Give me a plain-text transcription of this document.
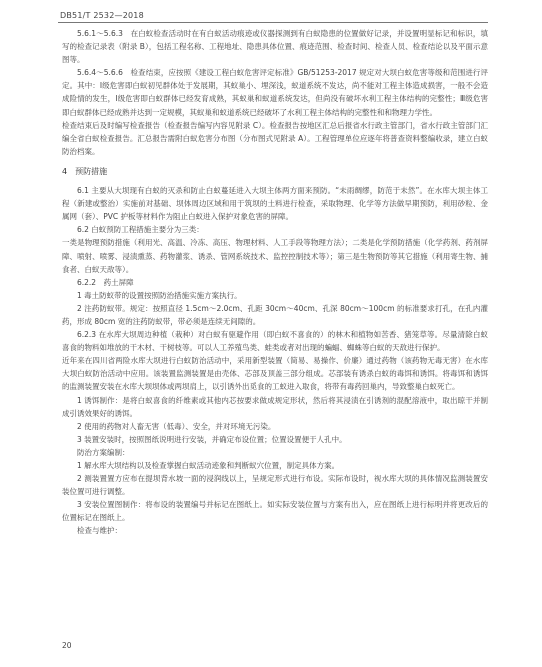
DB51/T 2532—2018

5.6.1～5.6.3　在白蚁检查活动时在有白蚁活动痕迹或仪器探测到有白蚁隐患的位置做好记录，并设置明显标记和标识，填写的检查记录表（附录 B），包括工程名称、工程地址、隐患具体位置、痕迹范围、检查时间、检查人员、检查结论以及平面示意图等。

5.6.4～5.6.6　检查结束，应按照《建设工程白蚁危害评定标准》GB/51253-2017 规定对大坝白蚁危害等级和范围进行评定。其中：Ⅰ级危害即白蚁初见群体处于发展期，其蚁巢小、埋深浅，蚁道系统不发达，尚不能对工程主体造成损害，一般不会造成险情的发生，Ⅰ级危害即白蚁群体已经发育成熟，其蚁巢和蚁道系统发达，但尚没有破坏水利工程主体结构的完整性；Ⅲ级危害即白蚁群体已经成熟并达到一定规模，其蚁巢和蚁道系统已经破坏了水利工程主体结构的完整性和和物理力学性。

检查结束后及时编写检查报告（检查报告编写内容见附录 C）。检查报告按地区汇总后报省水行政主管部门，省水行政主管部门汇编全省白蚁检查报告。汇总报告需附白蚁危害分布图（分布图式见附录 A）。工程管理单位应逐年将普查资料整编收录，建立白蚁防治档案。

4　预防措施

6.1 主要从大坝现有白蚁的灭杀和防止白蚁蔓延进入大坝主体两方面来预防。“未雨绸缪，防范于未然”。在水库大坝主体工程（新建或整治）实施前对基础、坝体周边区域和用于筑坝的土料进行检查，采取物理、化学等方法做早期预防，利用砂粒、金属网（套）、PVC 护板等材料作为阻止白蚁进入保护对象危害的屏障。

6.2 白蚁预防工程措施主要分为三类：

一类是物理预防措施（利用光、高温、冷冻、高压、物理材料、人工手段等物理方法）；二类是化学预防措施（化学药剂、药剂屏障、喷射、喷雾、浸渍熏蒸、药物灌浆、诱杀、管网系统技术、监控控制技术等）；第三是生物预防等其它措施（利用寄生物、捕食者、白蚁天敌等）。

6.2.2　药土屏障

1 毒土防蚁带的设置按照防治措施实施方案执行。

2 注药防蚁带。规定：按照直径 1.5cm～2.0cm、孔距 30cm～40cm、孔深 80cm～100cm 的标准要求打孔，在孔内灌药，形成 80cm 宽的注药防蚁带，带必须是连续无间隙的。

6.2.3 在水库大坝周边种植（栽种）对白蚁有驱避作用（即白蚁不喜食的）的林木和植物如苦香、猪笼草等。尽量清除白蚁喜食的物料如堆放的干木材、干树枝等。可以人工养殖鸟类、蛙类或者对出现的蝙蝠、蜘蛛等白蚁的天敌进行保护。

近年来在四川省两险水库大坝进行白蚁防治活动中，采用新型装置（简易、易操作、价廉）通过药物（该药物无毒无害）在水库大坝白蚁防治活动中应用。该装置监测装置是由壳体、芯部及顶盖三部分组成。芯部装有诱杀白蚁的毒饵和诱饵。将毒饵和诱饵的监测装置安装在水库大坝坝体或两坝肩上，以引诱外出觅食的工蚁进入取食，将带有毒药回巢内，导致整巢白蚁死亡。

1 诱饵制作：是将白蚁喜食的纤维素或其他内芯按要求做成规定形状，然后将其浸渍在引诱剂的混配溶液中，取出晾干并制成引诱效果好的诱饵。

2 使用的药物对人畜无害（低毒）、安全，并对环境无污染。

3 装置安装时，按照图纸说明进行安装，并确定布设位置；位置设置便于人孔中。

防治方案编制：

1 解水库大坝结构以及检查掌握白蚁活动迹象和判断蚁穴位置，制定具体方案。

2 测装置置方应布在提坝背水坡一面的浸润线以上，呈规定形式进行布设。实际布设时，视水库大坝的具体情况监测装置安装位置可进行调整。

3 安装位置图制作：将布设的装置编号并标记在图纸上。如实际安装位置与方案有出入，应在图纸上进行标明并将更改后的位置标记在图纸上。

检查与维护：

20
